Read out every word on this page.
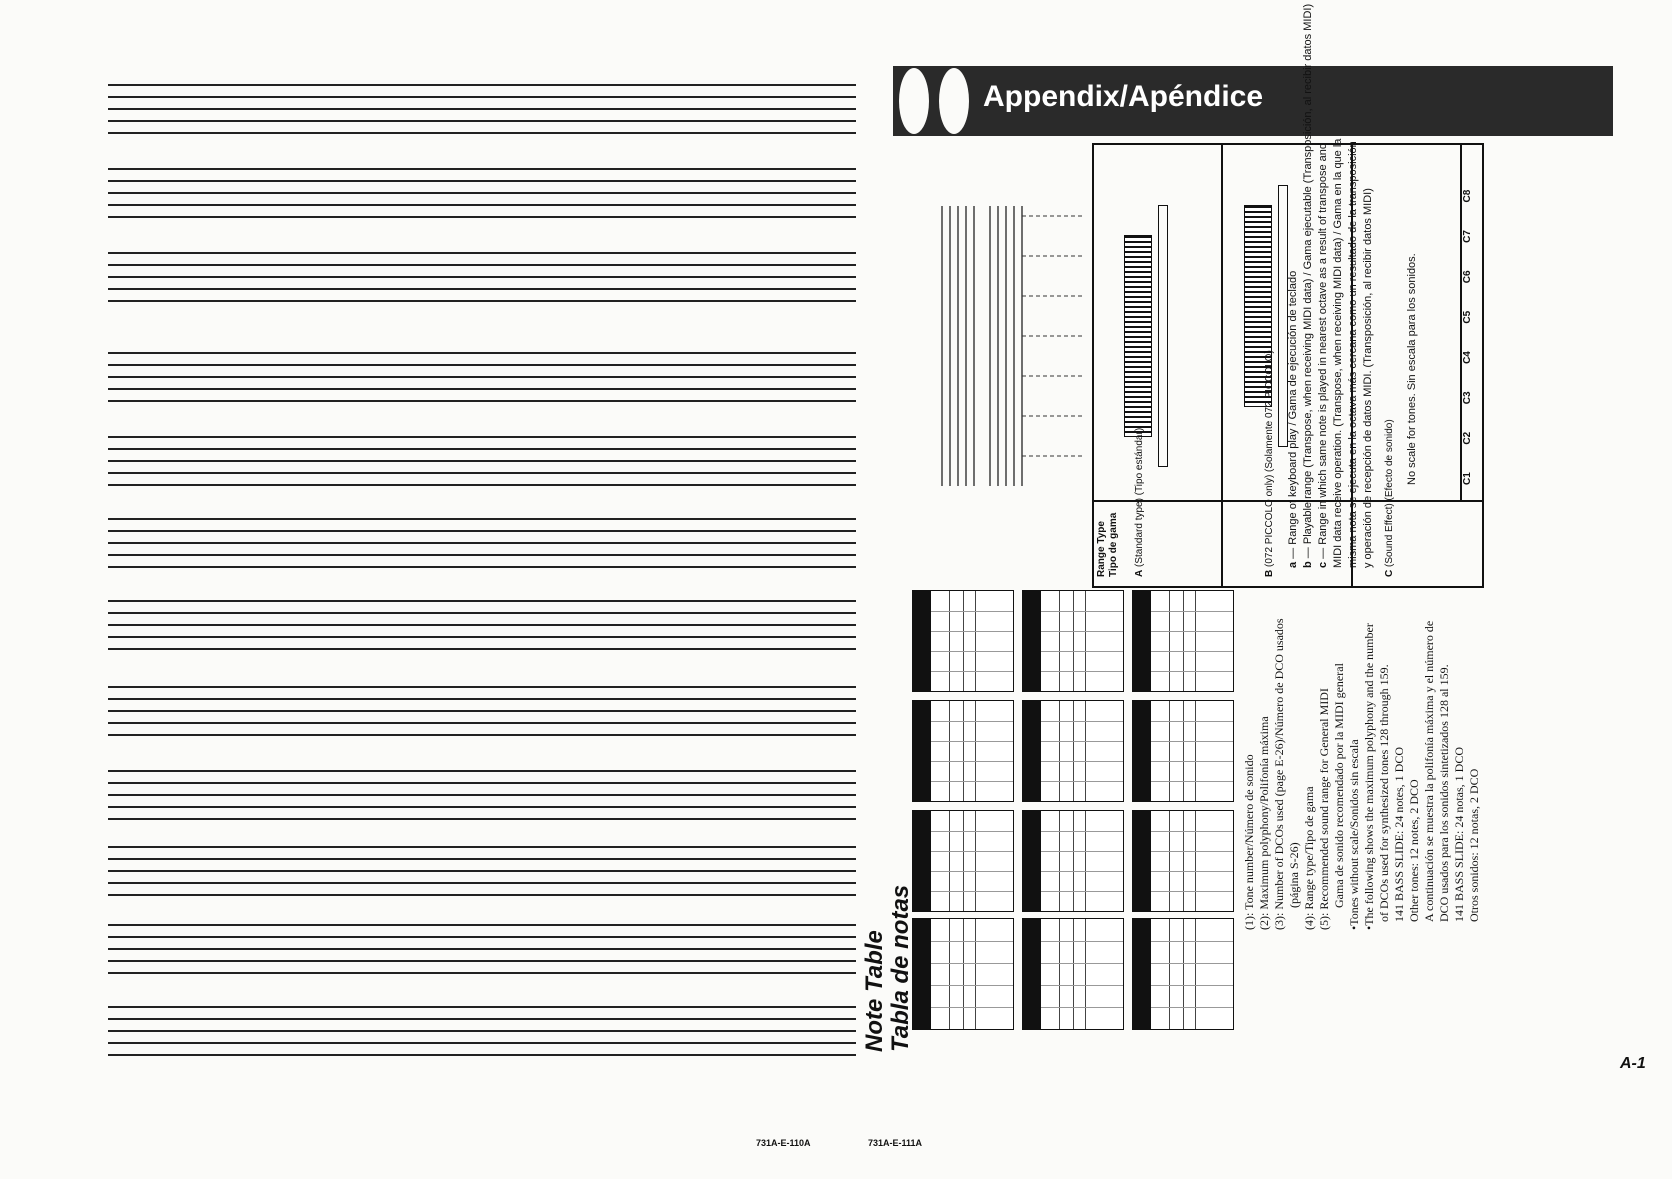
731A-E-110A
Appendix/Apéndice
Range Type Tipo de gama A (Standard type) (Tipo estándar)
B (072 PICCOLO only) (Solamente 072 PICCOLO)
C (Sound Effect) (Efecto de sonido)
No scale for tones. Sin escala para los sonidos.	C1  C2  C3  C4  C5  C6  C7  C8
a — Range of keyboard play / Gama de ejecución de teclado
b — Playable range (Transpose, when receiving MIDI data) / Gama ejecutable (Transposición, al recibir datos MIDI)
c — Range in which same note is played in nearest octave as a result of transpose and MIDI data receive operation. (Transpose, when receiving MIDI data) / Gama en la que la misma nota se ejecuta en la octava más cercana como un resultado de la transposición y operación de recepción de datos MIDI. (Transposición, al recibir datos MIDI)
(1): Tone number/Número de sonido (2): Maximum polyphony/Polifonía máxima (3): Number of DCOs used (page E-26)/Número de DCO usados (página S-26) (4): Range type/Tipo de gama (5): Recommended sound range for General MIDI Gama de sonido recomendado por la MIDI general •Tones without scale/Sonidos sin escala •The following shows the maximum polyphony and the number of DCOs used for synthesized tones 128 through 159. 141 BASS SLIDE: 24 notes, 1 DCO Other tones: 12 notes, 2 DCO A continuación se muestra la polifonía máxima y el número de DCO usados para los sonidos sintetizados 128 al 159. 141 BASS SLIDE: 24 notas, 1 DCO Otros sonidos: 12 notas, 2 DCO
Note Table Tabla de notas
A-1
731A-E-111A
